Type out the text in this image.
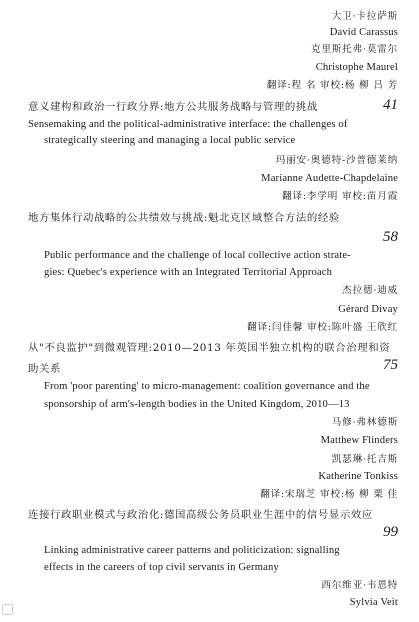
大卫·卡拉萨斯
David Carassus
克里斯托弗·莫雷尔
Christophe Maurel
翻译:程 名 审校:杨 柳 吕 芳
意义建构和政治一行政分界:地方公共服务战略与管理的挑战	41
Sensemaking and the political-administrative interface: the challenges of
strategically steering and managing a local public service
玛丽安·奥德特-沙普德莱纳
Marianne Audette-Chapdelaine
翻译:李学明 审校:苗月霞
地方集体行动战略的公共绩效与挑战:魁北克区域整合方法的经验
58
Public performance and the challenge of local collective action strate-
gies: Quebec's experience with an Integrated Territorial Approach
杰拉德·迪威
Gérard Divay
翻译:闫佳馨 审校:陈叶盛 王欣红
从"不良监护"到微观管理:2010—2013 年英国半独立机构的联合治理和资
助关系	75
From 'poor parenting' to micro-management: coalition governance and the
sponsorship of arm's-length bodies in the United Kingdom, 2010—13
马修·弗林德斯
Matthew Flinders
凯瑟琳·托吉斯
Katherine Tonkiss
翻译:宋瑞芝 审校:杨 柳 栗 佳
连接行政职业模式与政治化:德国高级公务员职业生涯中的信号显示效应
99
Linking administrative career patterns and politicization: signalling
effects in the careers of top civil servants in Germany
西尔维亚·韦恩特
Sylvia Veit
